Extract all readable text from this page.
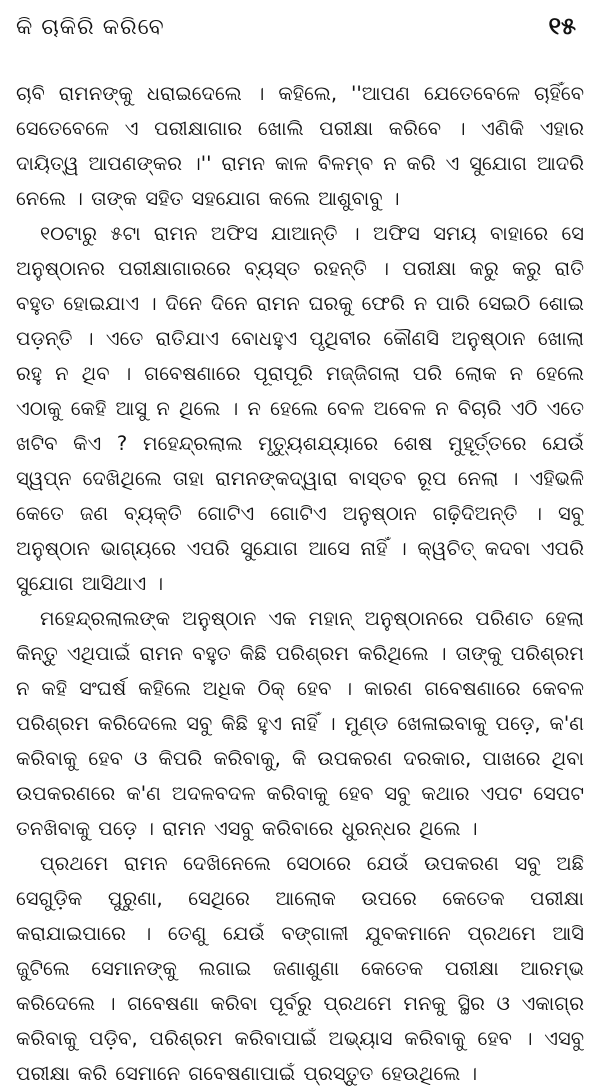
କି ଚାକିରି କରିବେ	୧୫

ଚାବି ରାମନଙ୍କୁ ଧରାଇଦେଲେ । କହିଲେ, ''ଆପଣ ଯେତେବେଳେ ଚାହିଁବେ ସେତେବେଳେ ଏ ପରୀକ୍ଷାଗାର ଖୋଲି ପରୀକ୍ଷା କରିବେ । ଏଣିକି ଏହାର ଦାୟିତ୍ୱ ଆପଣଙ୍କର ।'' ରାମନ କାଳ ବିଳମ୍ବ ନ କରି ଏ ସୁଯୋଗ ଆଦରି ନେଲେ । ତାଙ୍କ ସହିତ ସହଯୋଗ କଲେ ଆଶୁବାବୁ ।

୧୦ଟାରୁ ୫ଟା ରାମନ ଅଫିସ ଯାଆନ୍ତି । ଅଫିସ ସମୟ ବାହାରେ ସେ ଅନୁଷ୍ଠାନର ପରୀକ୍ଷାଗାରରେ ବ୍ୟସ୍ତ ରହନ୍ତି । ପରୀକ୍ଷା କରୁ କରୁ ରାତି ବହୁତ ହୋଇଯାଏ । ଦିନେ ଦିନେ ରାମନ ଘରକୁ ଫେରି ନ ପାରି ସେଇଠି ଶୋଇ ପଡ଼ନ୍ତି । ଏତେ ରାତିଯାଏ ବୋଧହୁଏ ପୃଥିବୀର କୌଣସି ଅନୁଷ୍ଠାନ ଖୋଲା ରହୁ ନ ଥିବ । ଗବେଷଣାରେ ପୂରାପୂରି ମଜ୍ଜିଗଲା ପରି ଲୋକ ନ ହେଲେ ଏଠାକୁ କେହି ଆସୁ ନ ଥିଲେ । ନ ହେଲେ ବେଳ ଅବେଳ ନ ବିଚାରି ଏଠି ଏତେ ଖଟିବ କିଏ ? ମହେନ୍ଦ୍ରଲାଲ ମୃତ୍ୟୁଶଯ୍ୟାରେ ଶେଷ ମୁହୂର୍ତ୍ତରେ ଯେଉଁ ସ୍ୱପ୍ନ ଦେଖିଥିଲେ ତାହା ରାମନଙ୍କଦ୍ୱାରା ବାସ୍ତବ ରୂପ ନେଲା । ଏହିଭଳି କେତେ ଜଣ ବ୍ୟକ୍ତି ଗୋଟିଏ ଗୋଟିଏ ଅନୁଷ୍ଠାନ ଗଢ଼ିଦିଅନ୍ତି । ସବୁ ଅନୁଷ୍ଠାନ ଭାଗ୍ୟରେ ଏପରି ସୁଯୋଗ ଆସେ ନାହିଁ । କ୍ୱଚିତ୍ କଦବା ଏପରି ସୁଯୋଗ ଆସିଥାଏ ।

ମହେନ୍ଦ୍ରଲାଲଙ୍କ ଅନୁଷ୍ଠାନ ଏକ ମହାନ୍ ଅନୁଷ୍ଠାନରେ ପରିଣତ ହେଲା କିନ୍ତୁ ଏଥିପାଇଁ ରାମନ ବହୁତ କିଛି ପରିଶ୍ରମ କରିଥିଲେ । ତାଙ୍କୁ ପରିଶ୍ରମ ନ କହି ସଂଘର୍ଷ କହିଲେ ଅଧିକ ଠିକ୍ ହେବ । କାରଣ ଗବେଷଣାରେ କେବଳ ପରିଶ୍ରମ କରିଦେଲେ ସବୁ କିଛି ହୁଏ ନାହିଁ । ମୁଣ୍ଡ ଖେଳାଇବାକୁ ପଡ଼େ, କ'ଣ କରିବାକୁ ହେବ ଓ କିପରି କରିବାକୁ, କି ଉପକରଣ ଦରକାର, ପାଖରେ ଥିବା ଉପକରଣରେ କ'ଣ ଅଦଳବଦଳ କରିବାକୁ ହେବ ସବୁ କଥାର ଏପଟ ସେପଟ ତନଖିବାକୁ ପଡ଼େ । ରାମନ ଏସବୁ କରିବାରେ ଧୁରନ୍ଧର ଥିଲେ ।

ପ୍ରଥମେ ରାମନ ଦେଖିନେଲେ ସେଠାରେ ଯେଉଁ ଉପକରଣ ସବୁ ଅଛି ସେଗୁଡ଼ିକ ପୁରୁଣା, ସେଥିରେ ଆଲୋକ ଉପରେ କେତେକ ପରୀକ୍ଷା କରାଯାଇପାରେ । ତେଣୁ ଯେଉଁ ବଙ୍ଗାଳୀ ଯୁବକମାନେ ପ୍ରଥମେ ଆସି ଜୁଟିଲେ ସେମାନଙ୍କୁ ଲଗାଇ ଜଣାଶୁଣା କେତେକ ପରୀକ୍ଷା ଆରମ୍ଭ କରିଦେଲେ । ଗବେଷଣା କରିବା ପୂର୍ବରୁ ପ୍ରଥମେ ମନକୁ ସ୍ଥିର ଓ ଏକାଗ୍ର କରିବାକୁ ପଡ଼ିବ, ପରିଶ୍ରମ କରିବାପାଇଁ ଅଭ୍ୟାସ କରିବାକୁ ହେବ । ଏସବୁ ପରୀକ୍ଷା କରି ସେମାନେ ଗବେଷଣାପାଇଁ ପ୍ରସ୍ତୁତ ହେଉଥିଲେ ।
